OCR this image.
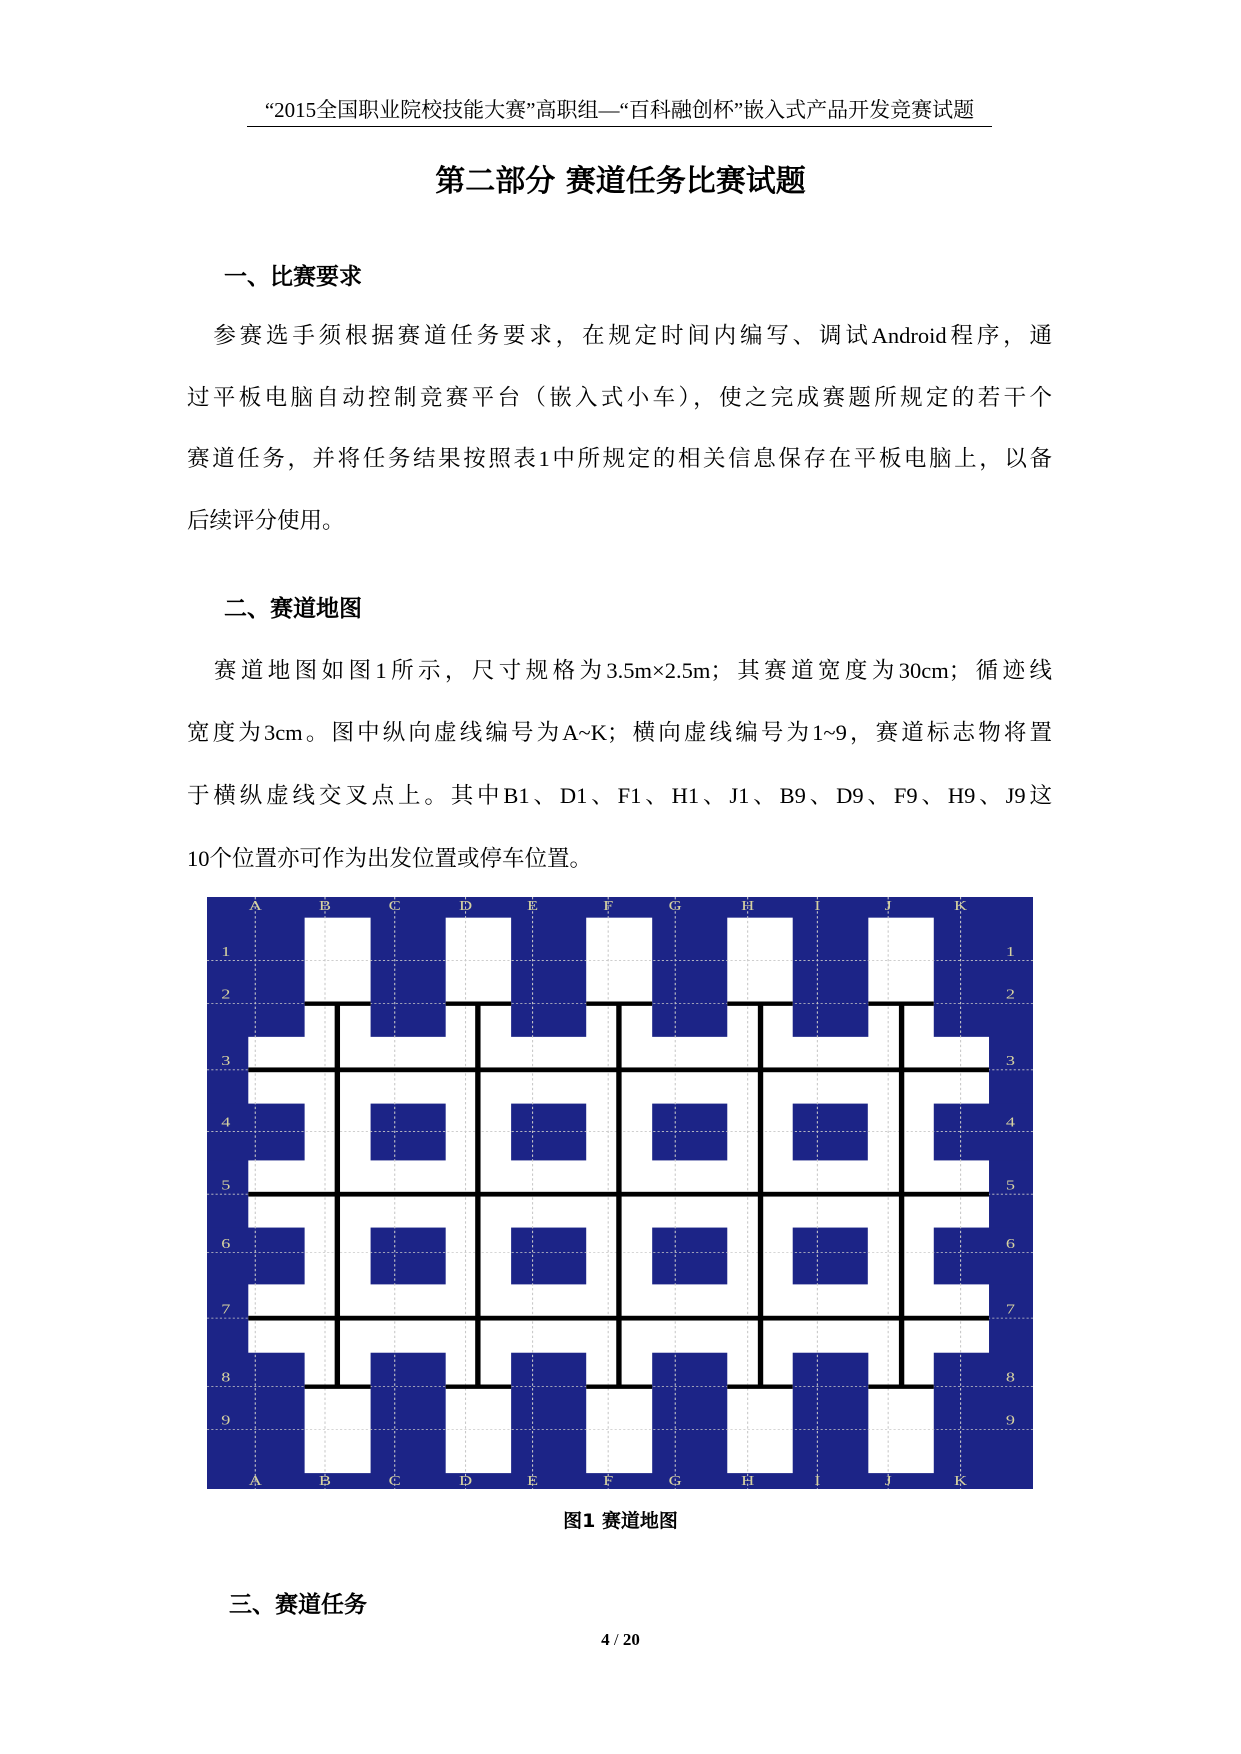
“2015全国职业院校技能大赛”高职组—“百科融创杯”嵌入式产品开发竞赛试题
第二部分 赛道任务比赛试题
一、比赛要求
　参赛选手须根据赛道任务要求，在规定时间内编写、调试Android程序，通
过平板电脑自动控制竞赛平台（嵌入式小车），使之完成赛题所规定的若干个
赛道任务，并将任务结果按照表1中所规定的相关信息保存在平板电脑上，以备
后续评分使用。
二、赛道地图
　赛道地图如图1所示，尺寸规格为3.5m×2.5m；其赛道宽度为30cm；循迹线
宽度为3cm。图中纵向虚线编号为A~K；横向虚线编号为1~9，赛道标志物将置
于横纵虚线交叉点上。其中B1、D1、F1、H1、J1、B9、D9、F9、H9、J9这
10个位置亦可作为出发位置或停车位置。
A
A
B
B
C
C
D
D
E
E
F
F
G
G
H
H
I
I
J
J
K
K
1	1
2	2
3	3
4	4
5	5
6	6
7	7
8	8
9	9
图1 赛道地图
三、赛道任务
4 / 20
